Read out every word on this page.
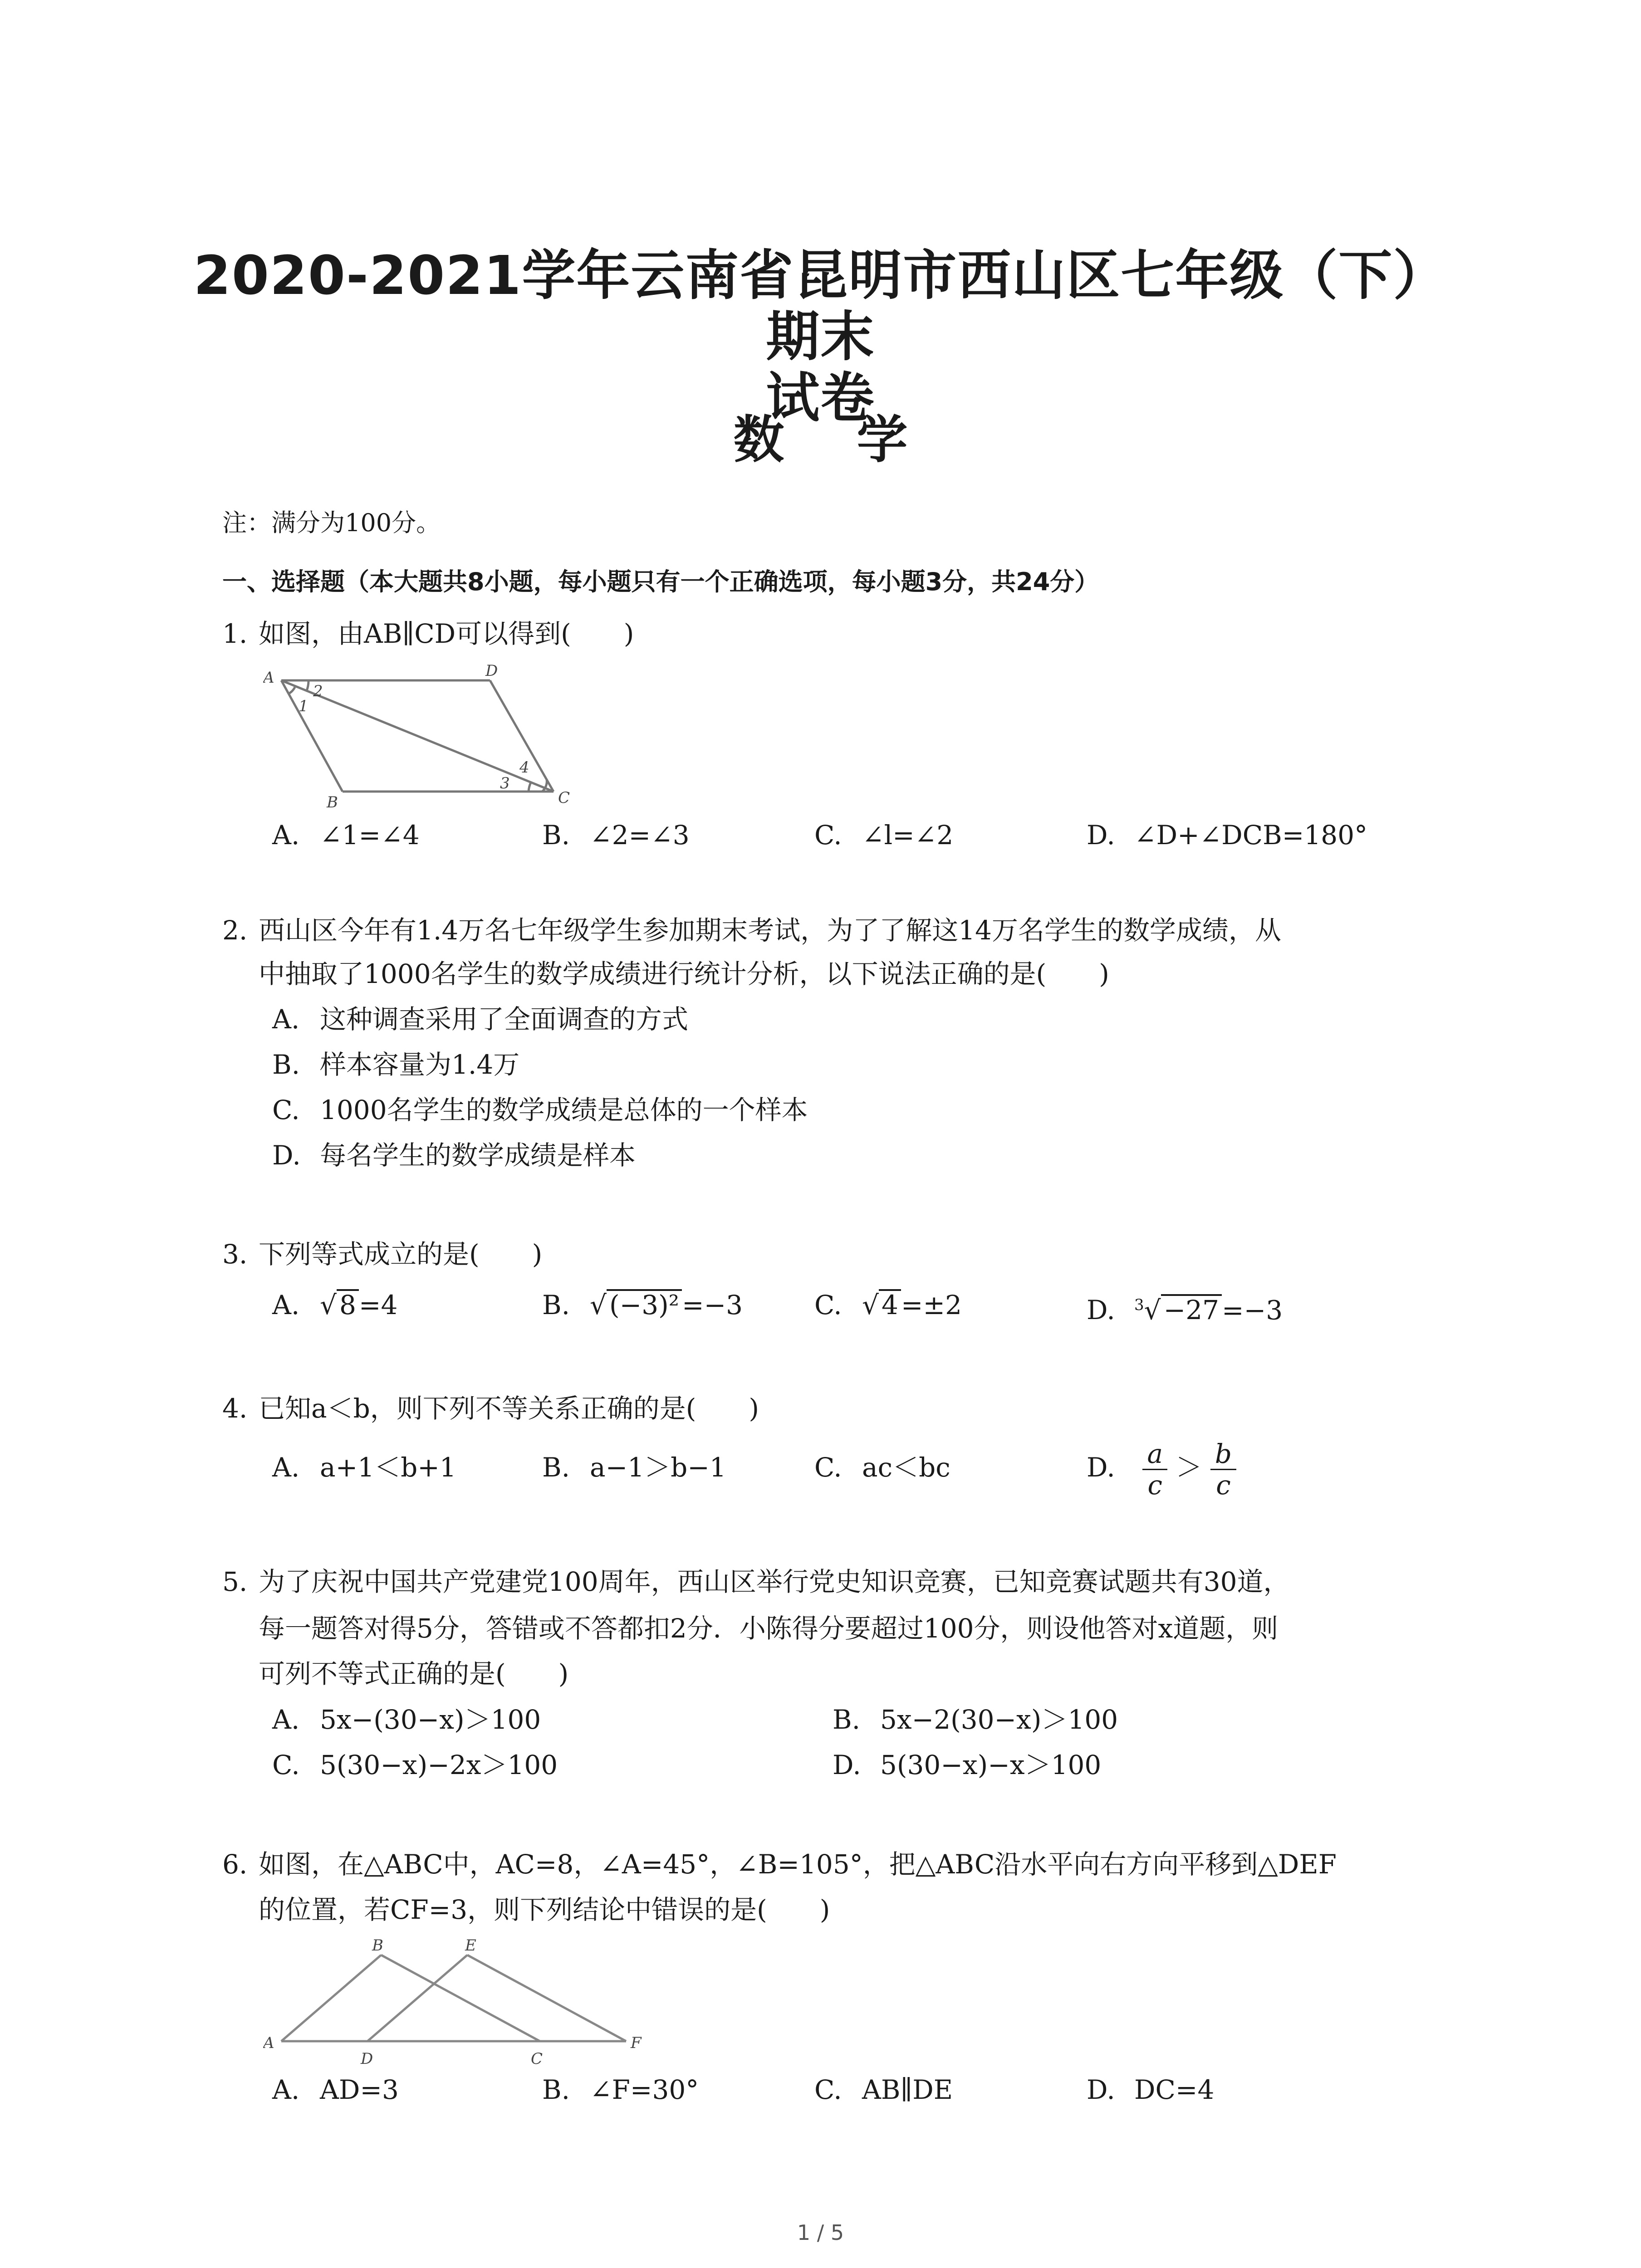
2020-2021学年云南省昆明市西山区七年级（下）期末
试卷
数学
注：满分为100分。
一、选择题（本大题共8小题，每小题只有一个正确选项，每小题3分，共24分）
1. 如图，由AB∥CD可以得到(　　)
A	D
B	C
1
2
3
4
A. ∠1=∠4	B. ∠2=∠3	C. ∠l=∠2	D. ∠D+∠DCB=180°
2. 西山区今年有1.4万名七年级学生参加期末考试，为了了解这14万名学生的数学成绩，从
中抽取了1000名学生的数学成绩进行统计分析，以下说法正确的是(　　)
A. 这种调查采用了全面调查的方式
B. 样本容量为1.4万
C. 1000名学生的数学成绩是总体的一个样本
D. 每名学生的数学成绩是样本
3. 下列等式成立的是(　　)
A. √ 8 =4	B. √ (−3)² =−3	C. √ 4 =±2	D. $^3$√ −27 =−3
4. 已知a＜b，则下列不等关系正确的是(　　)
A. a+1＜b+1	B. a−1＞b−1	C. ac＜bc	D. $\frac{a}{c} > \frac{b}{c}$
5. 为了庆祝中国共产党建党100周年，西山区举行党史知识竞赛，已知竞赛试题共有30道，
每一题答对得5分，答错或不答都扣2分．小陈得分要超过100分，则设他答对x道题，则
可列不等式正确的是(　　)
A. 5x−(30−x)＞100	B. 5x−2(30−x)＞100
C. 5(30−x)−2x＞100	D. 5(30−x)−x＞100
6. 如图，在△ABC中，AC=8，∠A=45°，∠B=105°，把△ABC沿水平向右方向平移到△DEF
的位置，若CF=3，则下列结论中错误的是(　　)
B	E
A
D	C
F
A. AD=3	B. ∠F=30°	C. AB∥DE	D. DC=4
1 / 5
